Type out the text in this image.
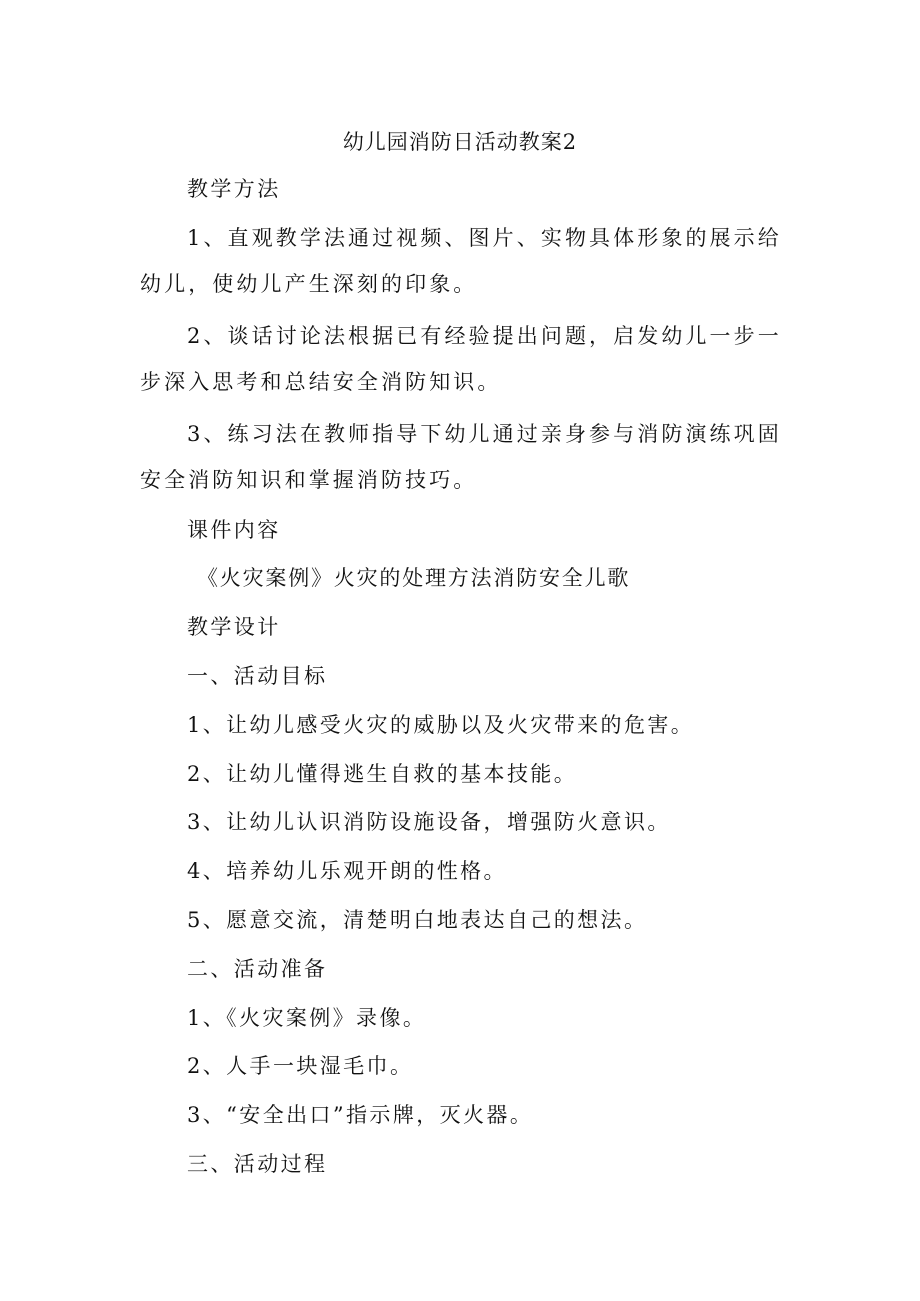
幼儿园消防日活动教案2
教学方法
1、直观教学法通过视频、图片、实物具体形象的展示给幼儿，使幼儿产生深刻的印象。
2、谈话讨论法根据已有经验提出问题，启发幼儿一步一步深入思考和总结安全消防知识。
3、练习法在教师指导下幼儿通过亲身参与消防演练巩固安全消防知识和掌握消防技巧。
课件内容
《火灾案例》火灾的处理方法消防安全儿歌
教学设计
一、活动目标
1、让幼儿感受火灾的威胁以及火灾带来的危害。
2、让幼儿懂得逃生自救的基本技能。
3、让幼儿认识消防设施设备，增强防火意识。
4、培养幼儿乐观开朗的性格。
5、愿意交流，清楚明白地表达自己的想法。
二、活动准备
1、《火灾案例》录像。
2、人手一块湿毛巾。
3、“安全出口”指示牌，灭火器。
三、活动过程
